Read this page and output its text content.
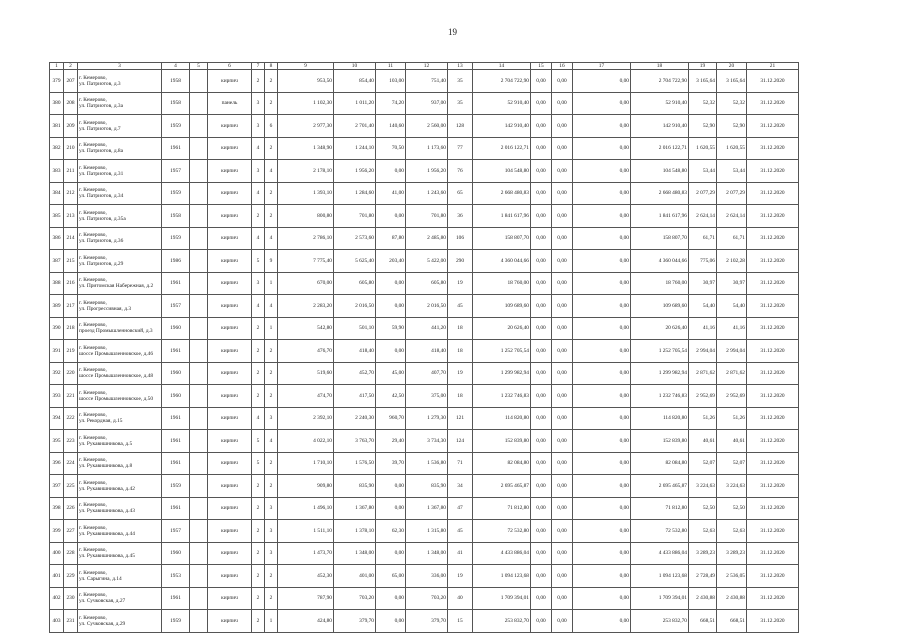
19
1	2	3	4	5	6	7	8	9	10	11	12	13	14	15	16	17	18	19	20	21
379	207	г. Кемерово,
ул. Патриотов, д.3	1958		кирпич	2	2	953,50	854,40	103,00	751,40	35	2 704 722,90	0,00	0,00	0,00	2 704 722,90	3 165,64	3 165,64	31.12.2020
380	208	г. Кемерово,
ул. Патриотов, д.3а	1958		панель	3	2	1 102,30	1 011,20	74,20	937,00	35	52 910,40	0,00	0,00	0,00	52 910,40	52,32	52,32	31.12.2020
381	209	г. Кемерово,
ул. Патриотов, д.7	1959		кирпич	3	6	2 977,30	2 701,40	140,60	2 560,00	128	142 910,40	0,00	0,00	0,00	142 910,40	52,90	52,90	31.12.2020
382	210	г. Кемерово,
ул. Патриотов, д.8а	1961		кирпич	4	2	1 348,90	1 244,10	70,50	1 173,60	77	2 016 122,71	0,00	0,00	0,00	2 016 122,71	1 620,55	1 620,55	31.12.2020
383	211	г. Кемерово,
ул. Патриотов, д.31	1957		кирпич	3	4	2 178,10	1 956,20	0,00	1 956,20	76	104 548,80	0,00	0,00	0,00	104 548,80	53,44	53,44	31.12.2020
384	212	г. Кемерово,
ул. Патриотов, д.34	1959		кирпич	4	2	1 393,10	1 284,60	41,00	1 243,60	65	2 668 480,83	0,00	0,00	0,00	2 668 480,83	2 077,29	2 077,29	31.12.2020
385	213	г. Кемерово,
ул. Патриотов, д.35а	1958		кирпич	2	2	800,80	701,80	0,00	701,80	36	1 841 617,96	0,00	0,00	0,00	1 841 617,96	2 624,14	2 624,14	31.12.2020
386	214	г. Кемерово,
ул. Патриотов, д.36	1959		кирпич	4	4	2 786,10	2 573,60	87,80	2 485,80	106	158 807,70	0,00	0,00	0,00	158 807,70	61,71	61,71	31.12.2020
387	215	г. Кемерово,
ул. Патриотов, д.29	1986		кирпич	5	9	7 775,40	5 625,40	203,40	5 422,00	290	4 360 044,66	0,00	0,00	0,00	4 360 044,66	775,06	2 102,28	31.12.2020
388	216	г. Кемерово,
ул. Притомская Набережная, д.2	1961		кирпич	3	1	670,00	605,80	0,00	605,80	19	18 760,00	0,00	0,00	0,00	18 760,00	30,97	30,97	31.12.2020
389	217	г. Кемерово,
ул. Прогрессивная, д.3	1957		кирпич	4	4	2 283,20	2 016,50	0,00	2 016,50	45	109 689,60	0,00	0,00	0,00	109 689,60	54,40	54,40	31.12.2020
390	218	г. Кемерово,
проезд Промышленновский, д.3	1960		кирпич	2	1	542,80	501,10	59,90	441,20	18	20 626,40	0,00	0,00	0,00	20 626,40	41,16	41,16	31.12.2020
391	219	г. Кемерово,
шоссе Промышленновское, д.46	1961		кирпич	2	2	476,70	418,40	0,00	418,40	18	1 252 705,54	0,00	0,00	0,00	1 252 705,54	2 994,04	2 994,04	31.12.2020
392	220	г. Кемерово,
шоссе Промышленновское, д.48	1960		кирпич	2	2	519,60	452,70	45,00	407,70	19	1 299 982,94	0,00	0,00	0,00	1 299 982,94	2 871,62	2 871,62	31.12.2020
393	221	г. Кемерово,
шоссе Промышленновское, д.50	1960		кирпич	2	2	474,70	417,50	42,50	375,00	18	1 232 746,83	0,00	0,00	0,00	1 232 746,83	2 952,69	2 952,69	31.12.2020
394	222	г. Кемерово,
ул. Рекордная, д.15	1961		кирпич	4	3	2 392,10	2 240,30	960,70	1 279,30	121	114 820,80	0,00	0,00	0,00	114 820,80	51,26	51,26	31.12.2020
395	223	г. Кемерово,
ул. Рукавишникова, д.5	1961		кирпич	5	4	4 022,10	3 763,70	29,40	3 734,30	124	152 839,80	0,00	0,00	0,00	152 839,80	40,61	40,61	31.12.2020
396	224	г. Кемерово,
ул. Рукавишникова, д.8	1961		кирпич	5	2	1 710,10	1 576,50	39,70	1 536,80	71	82 084,80	0,00	0,00	0,00	82 084,80	52,07	52,07	31.12.2020
397	225	г. Кемерово,
ул. Рукавишникова, д.42	1959		кирпич	2	2	909,80	835,90	0,00	835,90	34	2 695 465,87	0,00	0,00	0,00	2 695 465,87	3 224,63	3 224,63	31.12.2020
398	226	г. Кемерово,
ул. Рукавишникова, д.43	1961		кирпич	2	3	1 496,10	1 367,80	0,00	1 367,80	47	71 812,80	0,00	0,00	0,00	71 812,80	52,50	52,50	31.12.2020
399	227	г. Кемерово,
ул. Рукавишникова, д.44	1957		кирпич	2	3	1 511,10	1 378,10	62,30	1 315,80	45	72 532,80	0,00	0,00	0,00	72 532,80	52,63	52,63	31.12.2020
400	228	г. Кемерово,
ул. Рукавишникова, д.45	1960		кирпич	2	3	1 473,70	1 348,00	0,00	1 348,00	41	4 433 886,04	0,00	0,00	0,00	4 433 886,04	3 289,23	3 289,23	31.12.2020
401	229	г. Кемерово,
ул. Сарыгина, д.14	1953		кирпич	2	2	452,30	401,00	65,00	336,00	19	1 094 123,68	0,00	0,00	0,00	1 094 123,68	2 728,49	2 536,05	31.12.2020
402	230	г. Кемерово,
ул. Сучковская, д.27	1961		кирпич	2	2	787,90	703,20	0,00	703,20	40	1 709 394,01	0,00	0,00	0,00	1 709 394,01	2 430,88	2 430,88	31.12.2020
403	231	г. Кемерово,
ул. Сучковская, д.29	1959		кирпич	2	1	424,80	379,70	0,00	379,70	15	253 832,70	0,00	0,00	0,00	253 832,70	668,51	668,51	31.12.2020
